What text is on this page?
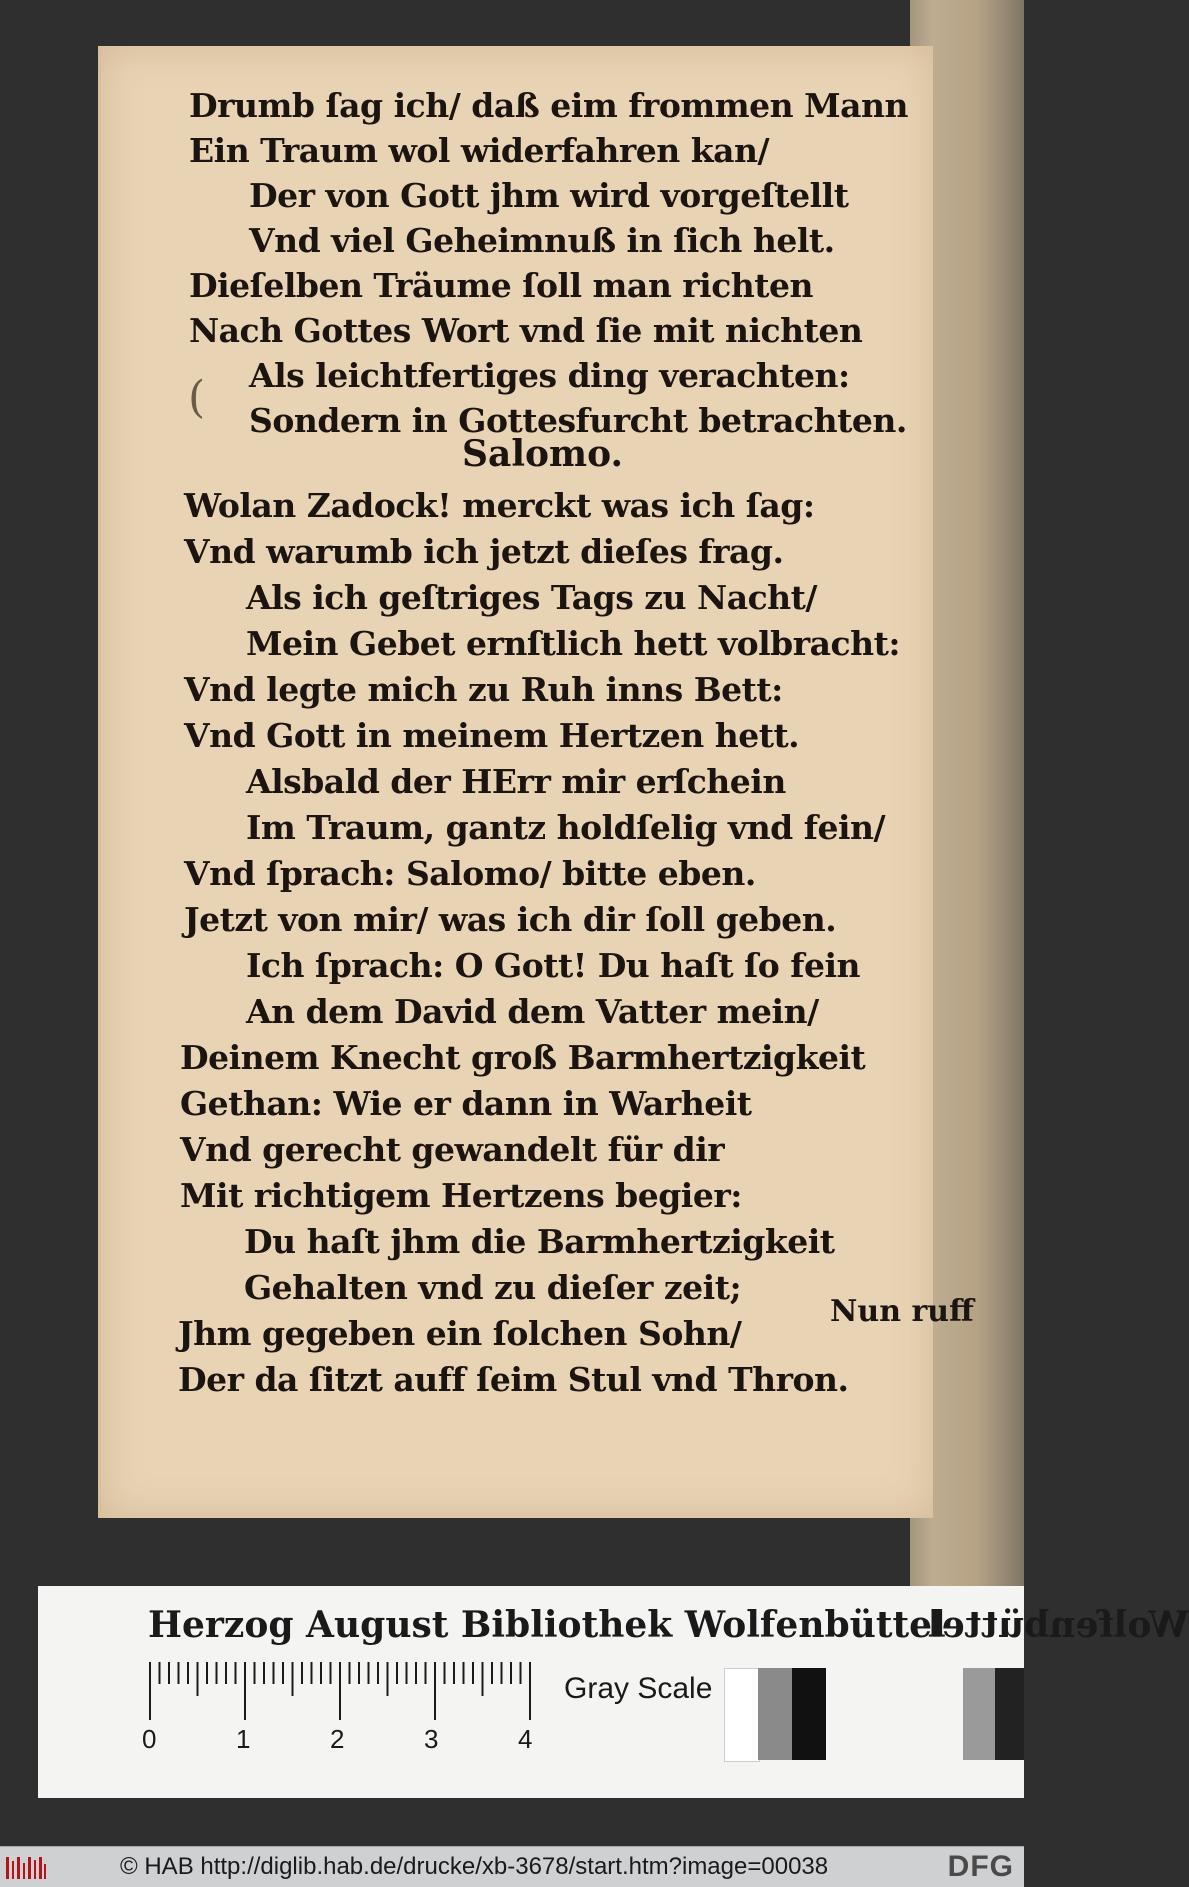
Drumb ſag ich/ daß eim frommen Mann
Ein Traum wol widerfahren kan/
Der von Gott jhm wird vorgeſtellt
Vnd viel Geheimnuß in ſich helt.
Dieſelben Träume ſoll man richten
Nach Gottes Wort vnd ſie mit nichten
Als leichtfertiges ding verachten:
Sondern in Gottesfurcht betrachten.
(
Salomo.
Wolan Zadock! merckt was ich ſag:
Vnd warumb ich jetzt dieſes frag.
Als ich geſtriges Tags zu Nacht/
Mein Gebet ernſtlich hett volbracht:
Vnd legte mich zu Ruh inns Bett:
Vnd Gott in meinem Hertzen hett.
Alsbald der HErr mir erſchein
Im Traum, gantz holdſelig vnd fein/
Vnd ſprach: Salomo/ bitte eben.
Jetzt von mir/ was ich dir ſoll geben.
Ich ſprach: O Gott! Du haſt ſo fein
An dem David dem Vatter mein/
Deinem Knecht groß Barmhertzigkeit
Gethan: Wie er dann in Warheit
Vnd gerecht gewandelt für dir
Mit richtigem Hertzens begier:
Du haſt jhm die Barmhertzigkeit
Gehalten vnd zu dieſer zeit;
Jhm gegeben ein ſolchen Sohn/
Der da ſitzt auff ſeim Stul vnd Thron.
Nun ruff
Herzog August Bibliothek Wolfenbüttel
Wolfenbüttel
0	1	2	3	4
Gray Scale
© HAB http://diglib.hab.de/drucke/xb-3678/start.htm?image=00038	DFG
